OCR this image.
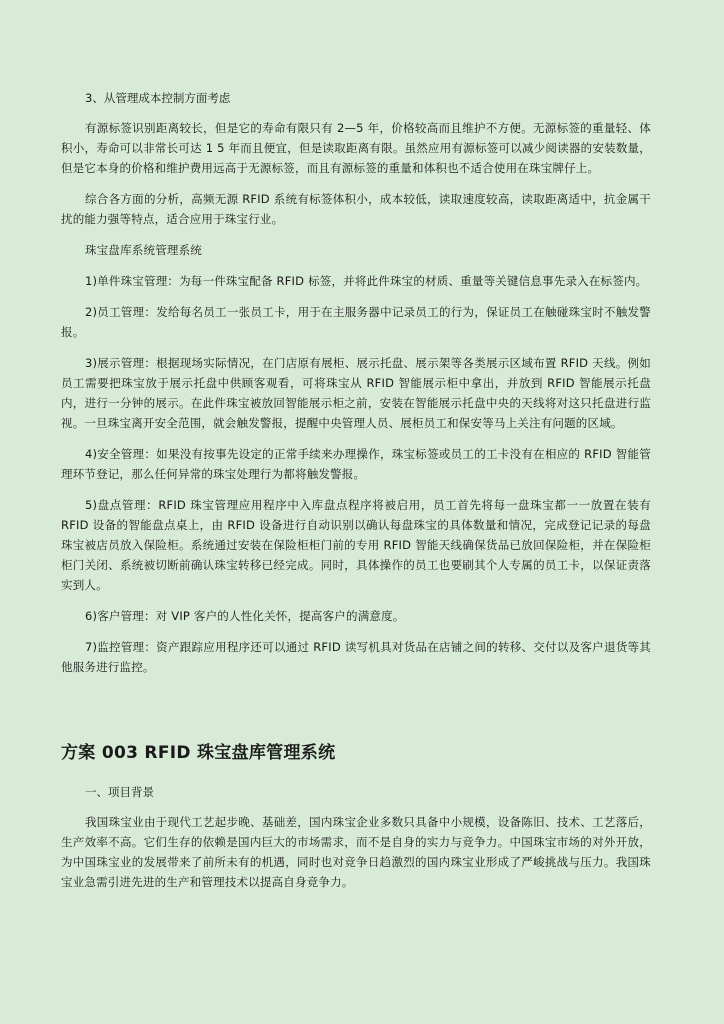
3、从管理成本控制方面考虑

有源标签识别距离较长，但是它的寿命有限只有 2—5 年，价格较高而且维护不方便。无源标签的重量轻、体积小，寿命可以非常长可达 1 5 年而且便宜，但是读取距离有限。虽然应用有源标签可以减少阅读器的安装数量，但是它本身的价格和维护费用远高于无源标签，而且有源标签的重量和体积也不适合使用在珠宝牌仔上。

综合各方面的分析，高频无源 RFID 系统有标签体积小，成本较低，读取速度较高，读取距离适中，抗金属干扰的能力强等特点，适合应用于珠宝行业。

珠宝盘库系统管理系统

1)单件珠宝管理：为每一件珠宝配备 RFID 标签，并将此件珠宝的材质、重量等关键信息事先录入在标签内。

2)员工管理：发给每名员工一张员工卡，用于在主服务器中记录员工的行为，保证员工在触碰珠宝时不触发警报。

3)展示管理：根据现场实际情况，在门店原有展柜、展示托盘、展示架等各类展示区域布置 RFID 天线。例如员工需要把珠宝放于展示托盘中供顾客观看，可将珠宝从 RFID 智能展示柜中拿出，并放到 RFID 智能展示托盘内，进行一分钟的展示。在此件珠宝被放回智能展示柜之前，安装在智能展示托盘中央的天线将对这只托盘进行监视。一旦珠宝离开安全范围，就会触发警报，提醒中央管理人员、展柜员工和保安等马上关注有问题的区域。

4)安全管理：如果没有按事先设定的正常手续来办理操作，珠宝标签或员工的工卡没有在相应的 RFID 智能管理环节登记，那么任何异常的珠宝处理行为都将触发警报。

5)盘点管理：RFID 珠宝管理应用程序中入库盘点程序将被启用，员工首先将每一盘珠宝都一一放置在装有 RFID 设备的智能盘点桌上，由 RFID 设备进行自动识别以确认每盘珠宝的具体数量和情况，完成登记记录的每盘珠宝被店员放入保险柜。系统通过安装在保险柜柜门前的专用 RFID 智能天线确保货品已放回保险柜，并在保险柜柜门关闭、系统被切断前确认珠宝转移已经完成。同时，具体操作的员工也要刷其个人专属的员工卡，以保证责落实到人。

6)客户管理：对 VIP 客户的人性化关怀，提高客户的满意度。

7)监控管理：资产跟踪应用程序还可以通过 RFID 读写机具对货品在店铺之间的转移、交付以及客户退货等其他服务进行监控。

方案 003 RFID 珠宝盘库管理系统
一、项目背景

我国珠宝业由于现代工艺起步晚、基础差，国内珠宝企业多数只具备中小规模，设备陈旧、技术、工艺落后，生产效率不高。它们生存的依赖是国内巨大的市场需求，而不是自身的实力与竞争力。中国珠宝市场的对外开放，为中国珠宝业的发展带来了前所未有的机遇，同时也对竞争日趋激烈的国内珠宝业形成了严峻挑战与压力。我国珠宝业急需引进先进的生产和管理技术以提高自身竞争力。
